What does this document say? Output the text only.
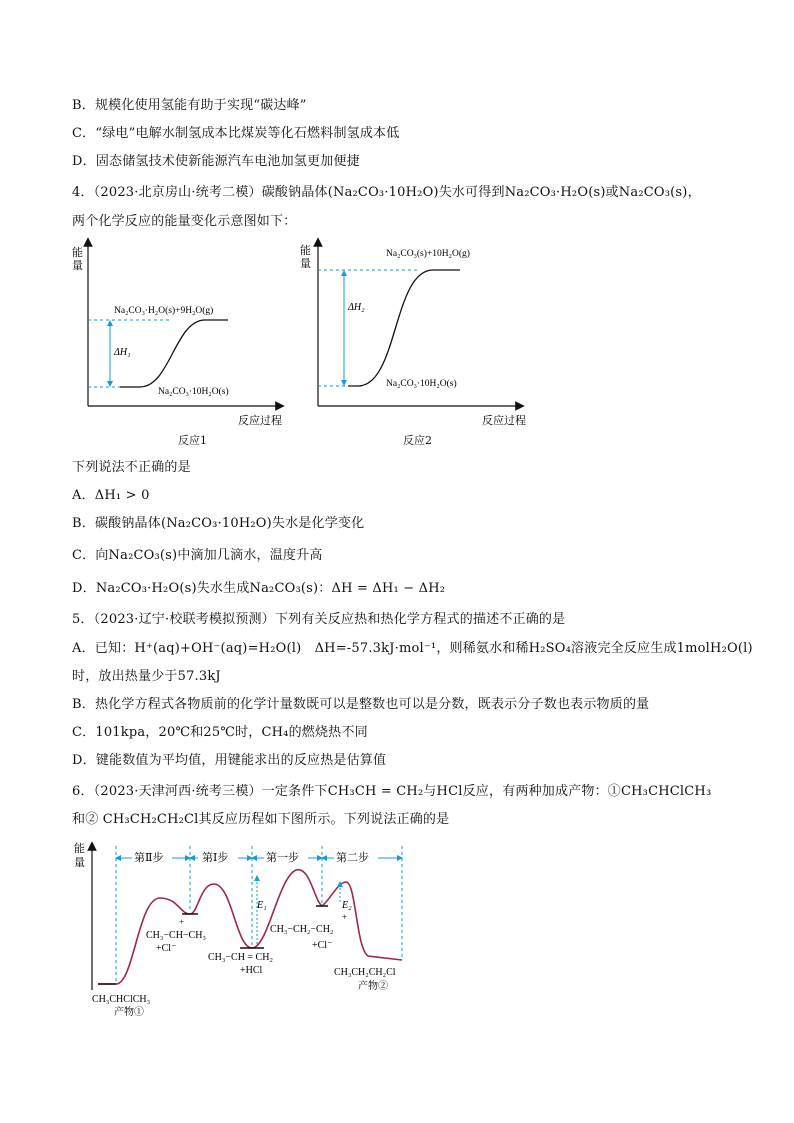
B．规模化使用氢能有助于实现“碳达峰”
C．“绿电”电解水制氢成本比煤炭等化石燃料制氢成本低
D．固态储氢技术使新能源汽车电池加氢更加便捷
4．（2023·北京房山·统考二模）碳酸钠晶体(Na₂CO₃·10H₂O)失水可得到Na₂CO₃·H₂O(s)或Na₂CO₃(s)，
两个化学反应的能量变化示意图如下：
能
量
Na₂CO₃·H₂O(s)+9H₂O(g)
ΔH₁
Na₂CO₃·10H₂O(s)
反应过程
反应1
能
量
Na₂CO₃(s)+10H₂O(g)
ΔH₂
Na₂CO₃·10H₂O(s)
反应过程
反应2
下列说法不正确的是
A．ΔH₁ > 0
B．碳酸钠晶体(Na₂CO₃·10H₂O)失水是化学变化
C．向Na₂CO₃(s)中滴加几滴水，温度升高
D．Na₂CO₃·H₂O(s)失水生成Na₂CO₃(s)：ΔH = ΔH₁ − ΔH₂
5．（2023·辽宁·校联考模拟预测）下列有关反应热和热化学方程式的描述不正确的是
A．已知：H⁺(aq)+OH⁻(aq)=H₂O(l)　ΔH=-57.3kJ·mol⁻¹，则稀氨水和稀H₂SO₄溶液完全反应生成1molH₂O(l)
时，放出热量少于57.3kJ
B．热化学方程式各物质前的化学计量数既可以是整数也可以是分数，既表示分子数也表示物质的量
C．101kpa，20℃和25℃时，CH₄的燃烧热不同
D．键能数值为平均值，用键能求出的反应热是估算值
6．（2023·天津河西·统考三模）一定条件下CH₃CH = CH₂与HCl反应，有两种加成产物：①CH₃CHClCH₃
和② CH₃CH₂CH₂Cl其反应历程如下图所示。下列说法正确的是
能
量	第Ⅱ步	第Ⅰ步	第一步	第二步
E₁	E₂
+
CH₃−CH−CH₃
+Cl⁻
CH₃−CH = CH₂
+HCl
+
CH₃−CH₂−CH₂
+Cl⁻
CH₃CHClCH₃
产物①
CH₃CH₂CH₂Cl
产物②
